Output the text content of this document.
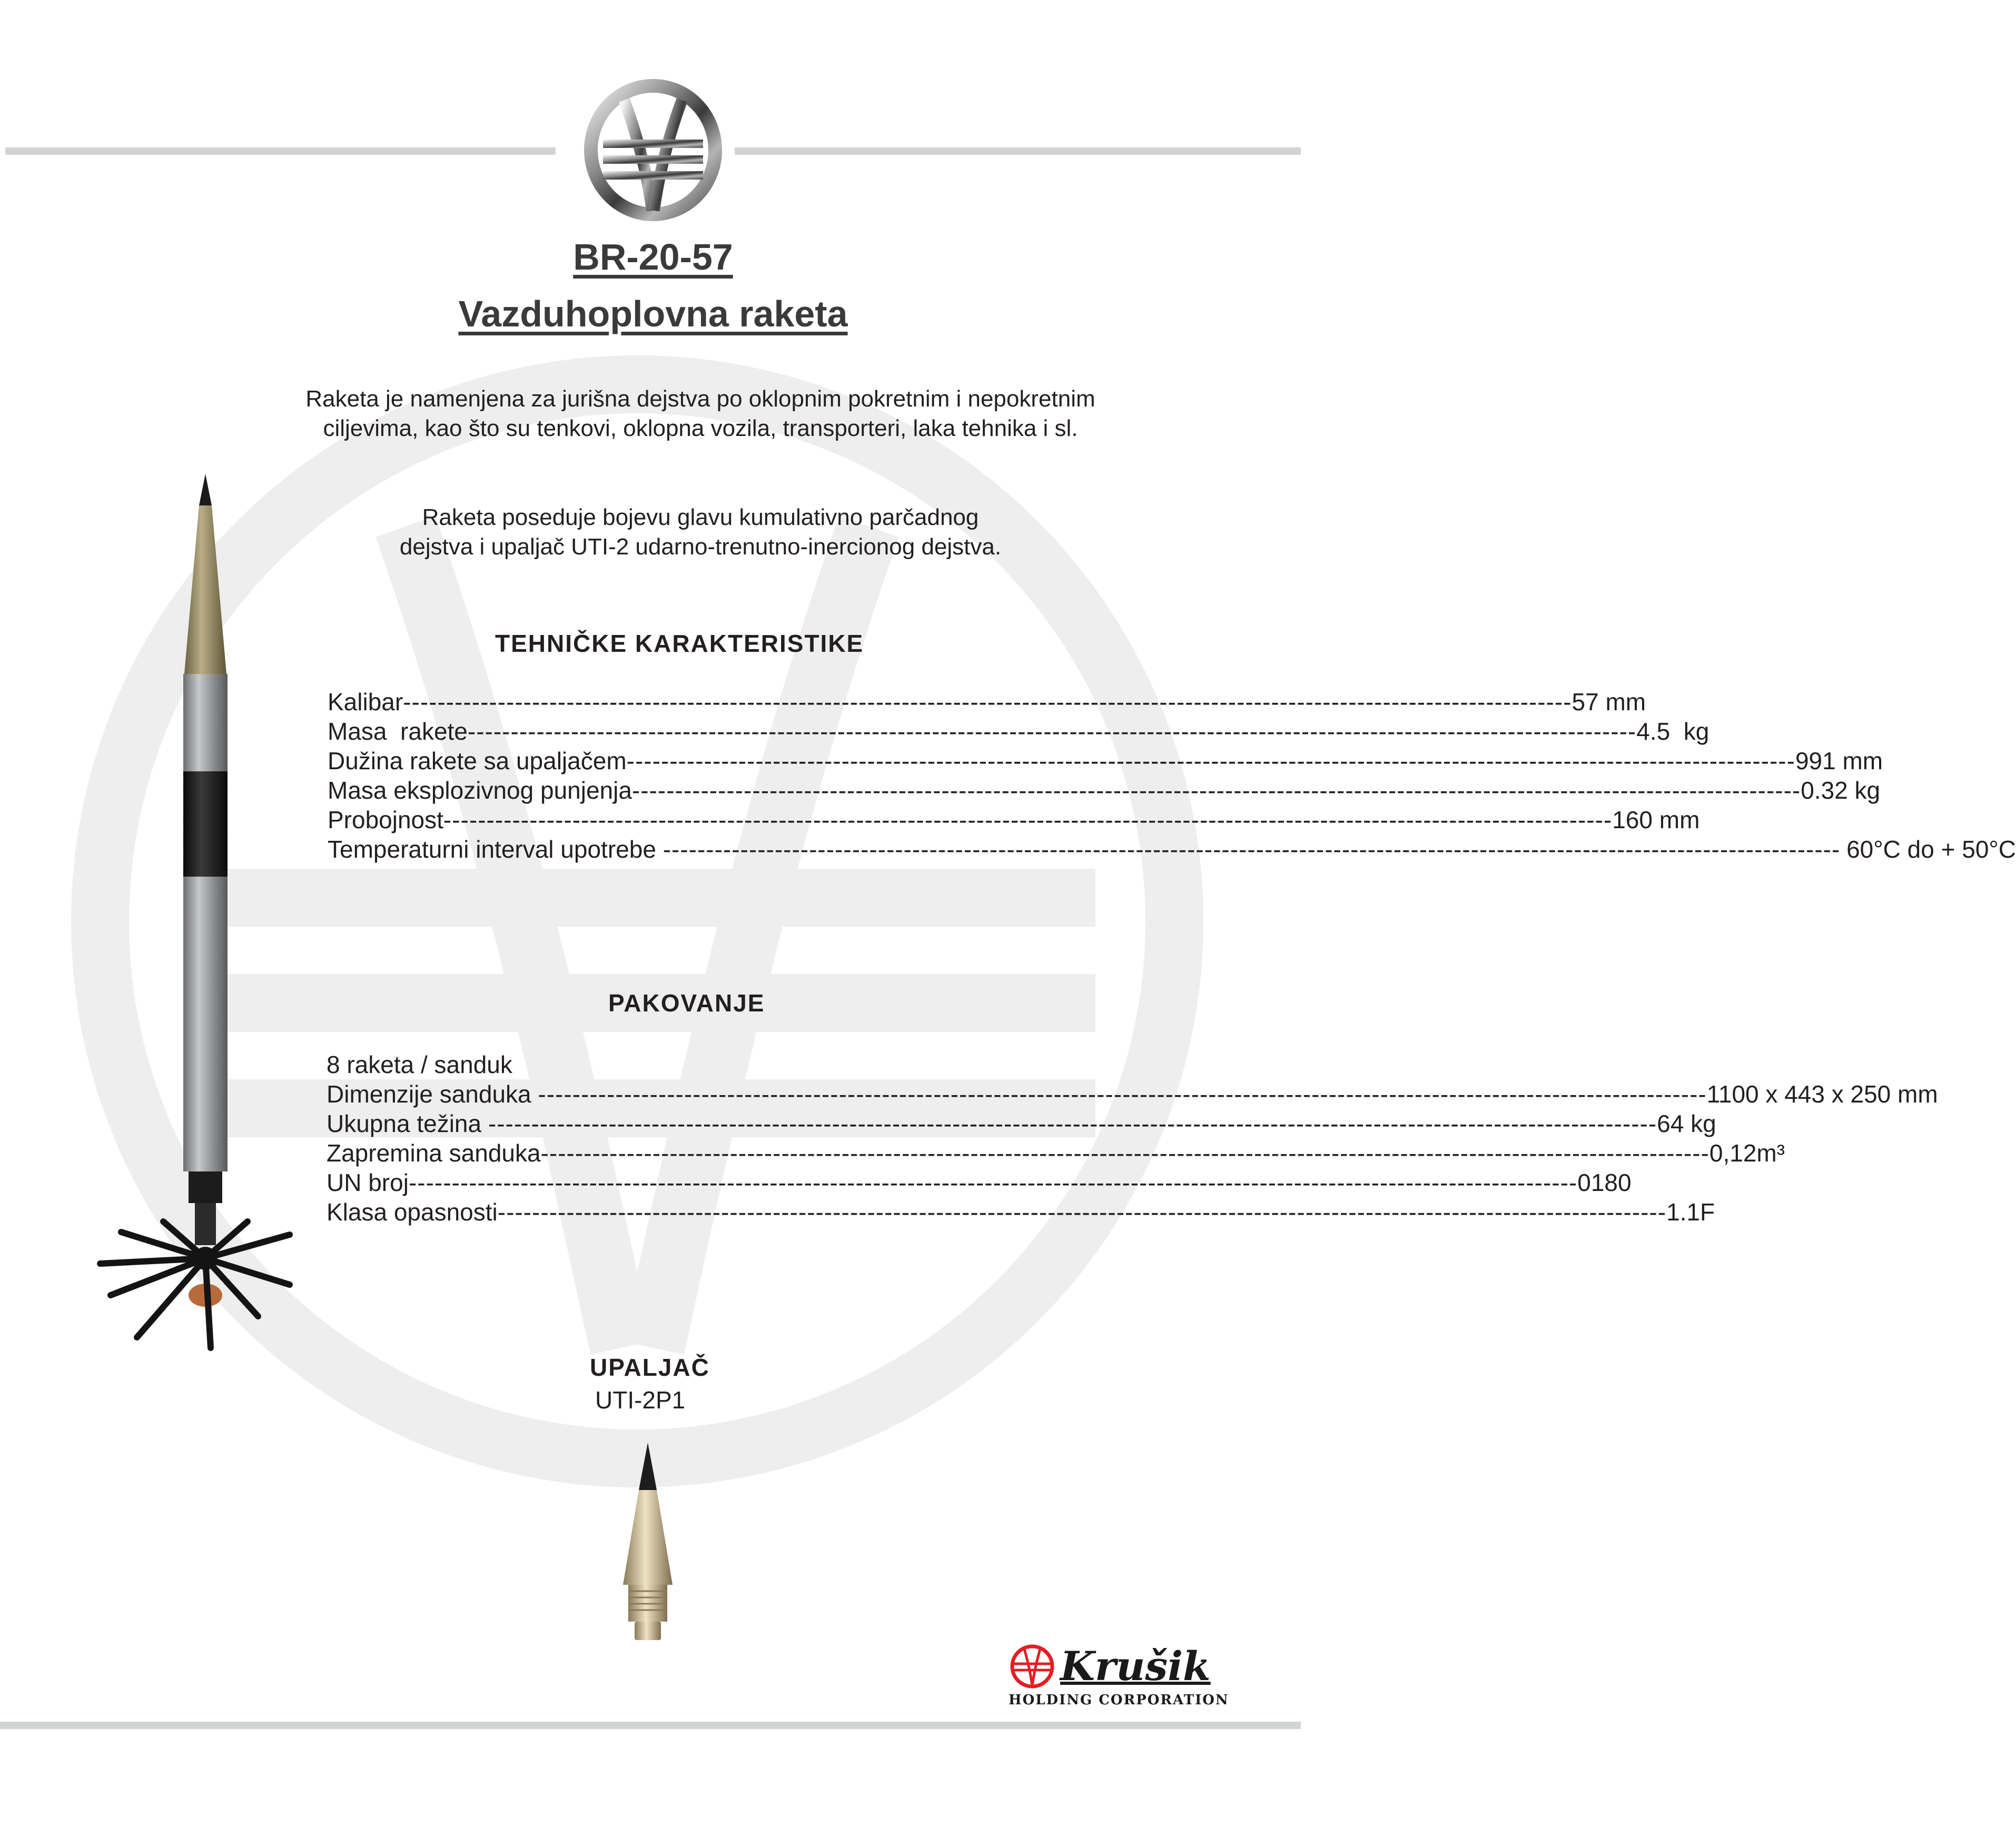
BR-20-57
Vazduhoplovna raketa
Raketa je namenjena za jurišna dejstva po oklopnim pokretnim i nepokretnim ciljevima, kao što su tenkovi, oklopna vozila, transporteri, laka tehnika i sl.
Raketa poseduje bojevu glavu kumulativno parčadnog dejstva i upaljač UTI-2 udarno-trenutno-inercionog dejstva.
TEHNIČKE KARAKTERISTIKE
Kalibar ---------------------------------------------------------------------------------------------------------------------------------------- 57 mm
Masa  rakete ---------------------------------------------------------------------------------------------------------------------------------------- 4.5  kg
Dužina rakete sa upaljačem ---------------------------------------------------------------------------------------------------------------------------------------- 991 mm
Masa eksplozivnog punjenja ---------------------------------------------------------------------------------------------------------------------------------------- 0.32 kg
Probojnost ---------------------------------------------------------------------------------------------------------------------------------------- 160 mm
Temperaturni interval upotrebe ---------------------------------------------------------------------------------------------------------------------------------------- - 60°C do + 50°C
PAKOVANJE
8 raketa / sanduk
Dimenzije sanduka ---------------------------------------------------------------------------------------------------------------------------------------- 1100 x 443 x 250 mm
Ukupna težina ---------------------------------------------------------------------------------------------------------------------------------------- 64 kg
Zapremina sanduka ---------------------------------------------------------------------------------------------------------------------------------------- 0,12m³
UN broj ---------------------------------------------------------------------------------------------------------------------------------------- 0180
Klasa opasnosti ---------------------------------------------------------------------------------------------------------------------------------------- 1.1F
UPALJAČ
UTI-2P1
Krušik
HOLDING CORPORATION
